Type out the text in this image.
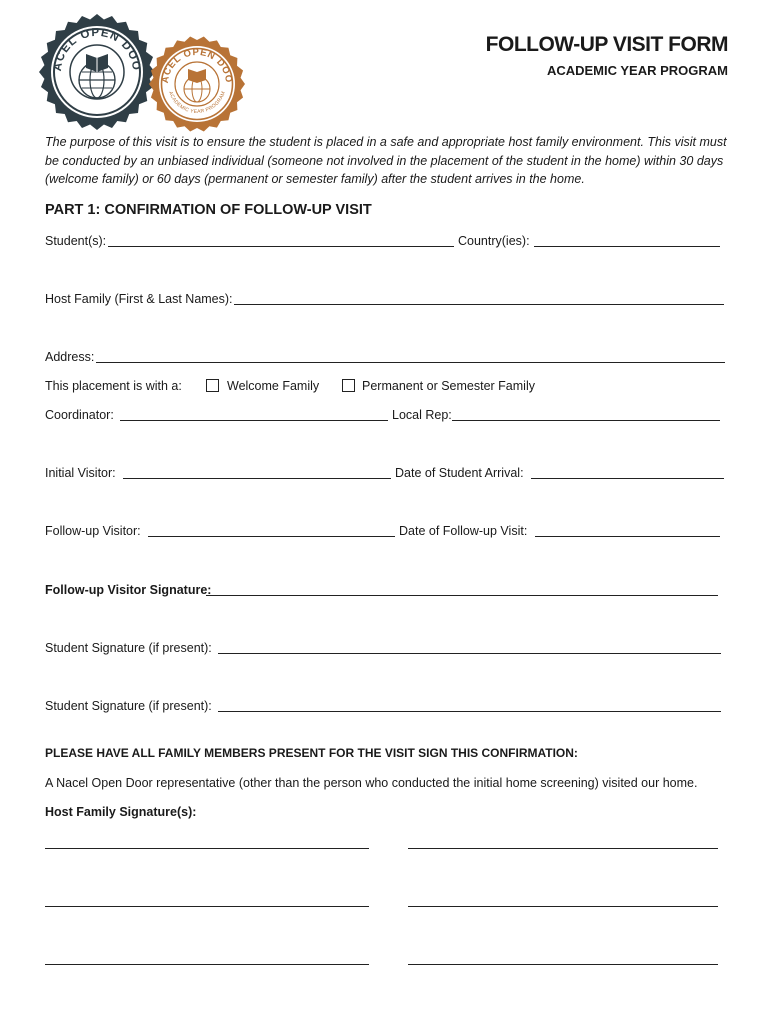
ACEL OPEN DOO
ACEL OPEN DOO
ACADEMIC YEAR PROGRAM
FOLLOW-UP VISIT FORM
ACADEMIC YEAR PROGRAM
The purpose of this visit is to ensure the student is placed in a safe and appropriate host family environment. This visit must be conducted by an unbiased individual (someone not involved in the placement of the student in the home) within 30 days (welcome family) or 60 days (permanent or semester family) after the student arrives in the home.
PART 1: CONFIRMATION OF FOLLOW-UP VISIT
Student(s):	Country(ies):
Host Family (First & Last Names):
Address:
This placement is with a:	Welcome Family	Permanent or Semester Family
Coordinator:	Local Rep:
Initial Visitor:	Date of Student Arrival:
Follow-up Visitor:	Date of Follow-up Visit:
Follow-up Visitor Signature:
Student Signature (if present):
Student Signature (if present):
PLEASE HAVE ALL FAMILY MEMBERS PRESENT FOR THE VISIT SIGN THIS CONFIRMATION:
A Nacel Open Door representative (other than the person who conducted the initial home screening) visited our home.
Host Family Signature(s):
